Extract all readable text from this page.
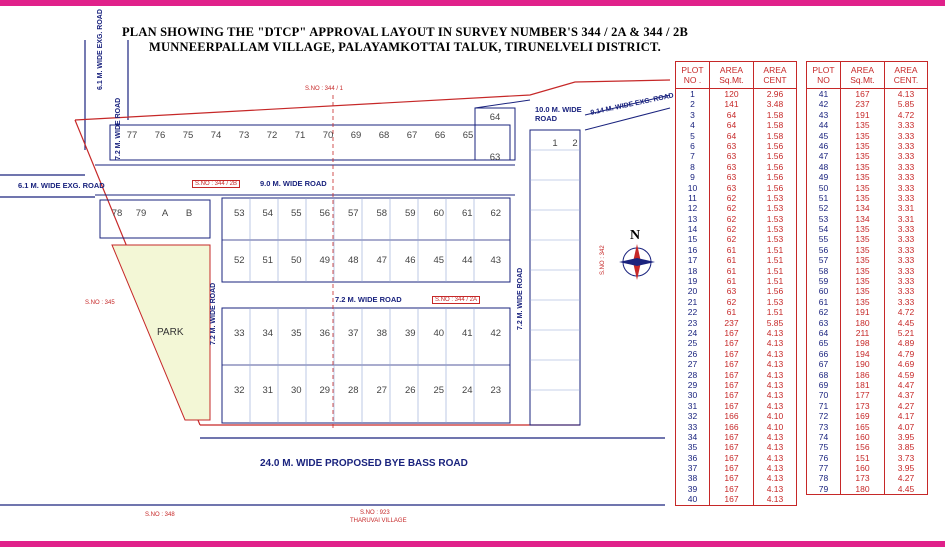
PLAN SHOWING THE "DTCP" APPROVAL LAYOUT IN SURVEY NUMBER'S 344 / 2A & 344 / 2B
MUNNEERPALLAM VILLAGE, PALAYAMKOTTAI TALUK, TIRUNELVELI DISTRICT.
6.1 M. WIDE EXG. ROAD
7.2 M. WIDE ROAD
6.1 M. WIDE EXG. ROAD	9.0 M. WIDE ROAD
10.0 M. WIDE ROAD
9.14 M. WIDE EXG. ROAD
7.2 M. WIDE ROAD
7.2 M. WIDE ROAD	7.2 M. WIDE ROAD
24.0 M. WIDE PROPOSED BYE BASS ROAD
S.NO : 344 / 1
S.NO : 344 / 2B
S.NO : 344 / 2A
S.NO : 345
S.NO : 342
S.NO : 348	S.NO : 923
THARUVAI VILLAGE
PARK
N
77	76	75	74	73	72	71	70	69	68	67	66	65
64
63
78	79	A	B	53	54	55	56	57	58	59	60	61	62
52	51	50	49	48	47	46	45	44	43
33	34	35	36	37	38	39	40	41	42
32	31	30	29	28	27	26	25	24	23
1	2
PLOT NO .
AREA Sq.Mt.
AREA CENT
1	120	2.96
2	141	3.48
3	64	1.58
4	64	1.58
5	64	1.58
6	63	1.56
7	63	1.56
8	63	1.56
9	63	1.56
10	63	1.56
11	62	1.53
12	62	1.53
13	62	1.53
14	62	1.53
15	62	1.53
16	61	1.51
17	61	1.51
18	61	1.51
19	61	1.51
20	63	1.56
21	62	1.53
22	61	1.51
23	237	5.85
24	167	4.13
25	167	4.13
26	167	4.13
27	167	4.13
28	167	4.13
29	167	4.13
30	167	4.13
31	167	4.13
32	166	4.10
33	166	4.10
34	167	4.13
35	167	4.13
36	167	4.13
37	167	4.13
38	167	4.13
39	167	4.13
40	167	4.13
PLOT NO
AREA Sq.Mt.
AREA CENT.
41	167	4.13
42	237	5.85
43	191	4.72
44	135	3.33
45	135	3.33
46	135	3.33
47	135	3.33
48	135	3.33
49	135	3.33
50	135	3.33
51	135	3.33
52	134	3.31
53	134	3.31
54	135	3.33
55	135	3.33
56	135	3.33
57	135	3.33
58	135	3.33
59	135	3.33
60	135	3.33
61	135	3.33
62	191	4.72
63	180	4.45
64	211	5.21
65	198	4.89
66	194	4.79
67	190	4.69
68	186	4.59
69	181	4.47
70	177	4.37
71	173	4.27
72	169	4.17
73	165	4.07
74	160	3.95
75	156	3.85
76	151	3.73
77	160	3.95
78	173	4.27
79	180	4.45
